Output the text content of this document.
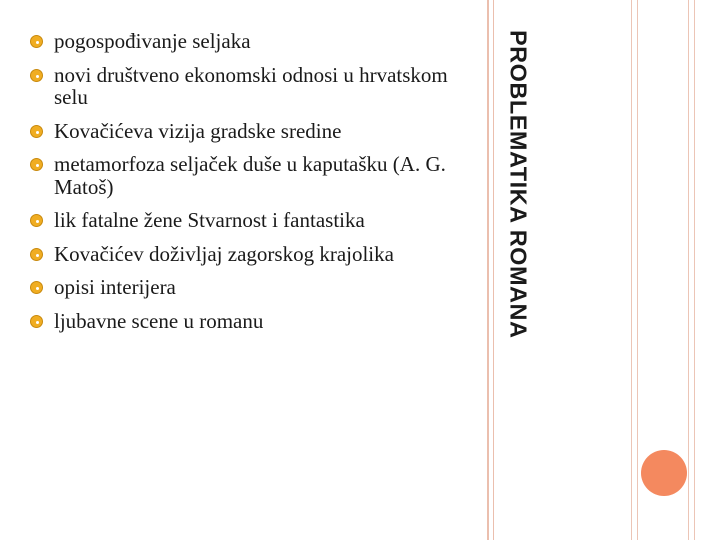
pogospođivanje seljaka
novi društveno ekonomski odnosi u hrvatskom selu
Kovačićeva vizija gradske sredine
metamorfoza seljaček duše u kaputašku (A. G. Matoš)
lik fatalne žene Stvarnost i fantastika
Kovačićev doživljaj zagorskog krajolika
opisi interijera
ljubavne scene u romanu	PROBLEMATIKA ROMANA
